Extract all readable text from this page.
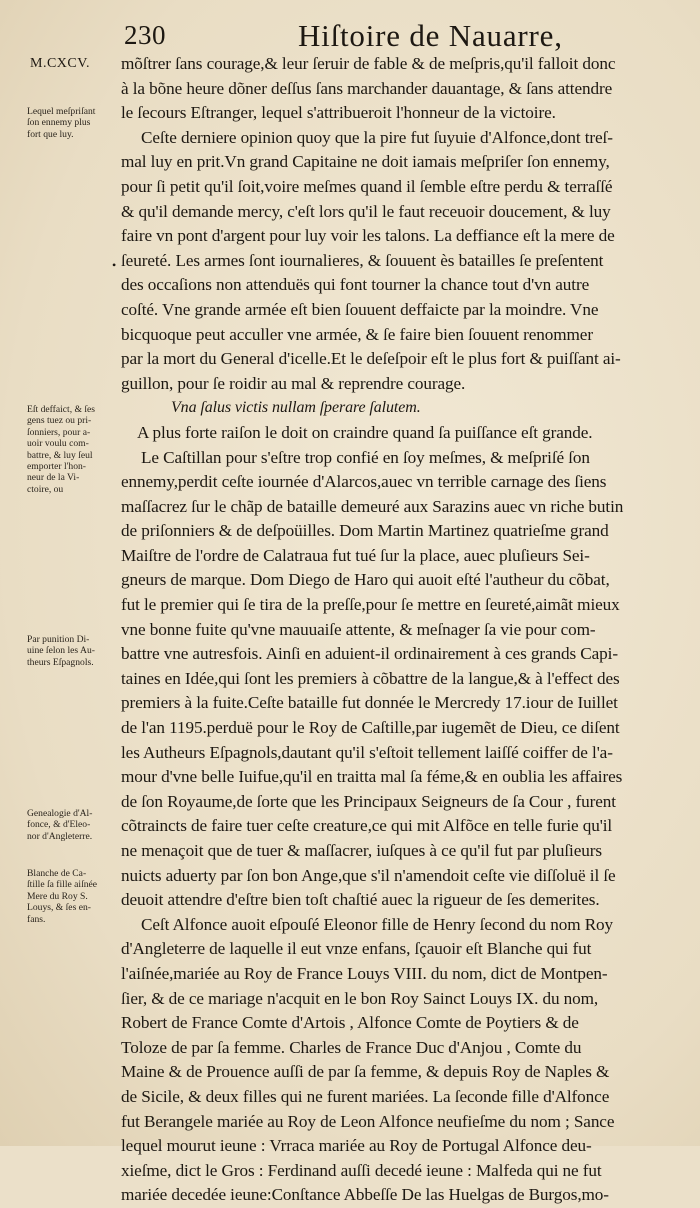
230	Hiſtoire de Nauarre,
M.CXCV.
Lequel meſpriſant
ſon ennemy plus
fort que luy.
Eſt deffaict, & ſes
gens tuez ou pri-
ſonniers, pour a-
uoir voulu com-
battre, & luy ſeul
emporter l'hon-
neur de la Vi-
ctoire, ou
Par punition Di-
uine ſelon les Au-
theurs Eſpagnols.
Genealogie d'Al-
fonce, & d'Eleo-
nor d'Angleterre.
Blanche de Ca-
ſtille ſa fille aiſnée
Mere du Roy S.
Louys, & ſes en-
fans.
•
mõſtrer ſans courage,& leur ſeruir de fable & de meſpris,qu'il falloit donc
à la bõne heure dõner deſſus ſans marchander dauantage, & ſans attendre
le ſecours Eſtranger, lequel s'attribueroit l'honneur de la victoire.
Ceſte derniere opinion quoy que la pire fut ſuyuie d'Alfonce,dont treſ-
mal luy en prit.Vn grand Capitaine ne doit iamais meſpriſer ſon ennemy,
pour ſi petit qu'il ſoit,voire meſmes quand il ſemble eſtre perdu & terraſſé
& qu'il demande mercy, c'eſt lors qu'il le faut receuoir doucement, & luy
faire vn pont d'argent pour luy voir les talons. La deffiance eſt la mere de
ſeureté. Les armes ſont iournalieres, & ſouuent ès batailles ſe preſentent
des occaſions non attenduës qui font tourner la chance tout d'vn autre
coſté. Vne grande armée eſt bien ſouuent deffaicte par la moindre. Vne
bicquoque peut acculler vne armée, & ſe faire bien ſouuent renommer
par la mort du General d'icelle.Et le deſeſpoir eſt le plus fort & puiſſant ai-
guillon, pour ſe roidir au mal & reprendre courage.
Vna ſalus victis nullam ſperare ſalutem.
A plus forte raiſon le doit on craindre quand ſa puiſſance eſt grande.
Le Caſtillan pour s'eſtre trop confié en ſoy meſmes, & meſpriſé ſon
ennemy,perdit ceſte iournée d'Alarcos,auec vn terrible carnage des ſiens
maſſacrez ſur le chãp de bataille demeuré aux Sarazins auec vn riche butin
de priſonniers & de deſpoüilles. Dom Martin Martinez quatrieſme grand
Maiſtre de l'ordre de Calatraua fut tué ſur la place, auec pluſieurs Sei-
gneurs de marque. Dom Diego de Haro qui auoit eſté l'autheur du cõbat,
fut le premier qui ſe tira de la preſſe,pour ſe mettre en ſeureté,aimãt mieux
vne bonne fuite qu'vne mauuaiſe attente, & meſnager ſa vie pour com-
battre vne autresfois. Ainſi en aduient-il ordinairement à ces grands Capi-
taines en Idée,qui ſont les premiers à cõbattre de la langue,& à l'effect des
premiers à la fuite.Ceſte bataille fut donnée le Mercredy 17.iour de Iuillet
de l'an 1195.perduë pour le Roy de Caſtille,par iugemẽt de Dieu, ce diſent
les Autheurs Eſpagnols,dautant qu'il s'eſtoit tellement laiſſé coiffer de l'a-
mour d'vne belle Iuifue,qu'il en traitta mal ſa féme,& en oublia les affaires
de ſon Royaume,de ſorte que les Principaux Seigneurs de ſa Cour , furent
cõtraincts de faire tuer ceſte creature,ce qui mit Alfõce en telle furie qu'il
ne menaçoit que de tuer & maſſacrer, iuſques à ce qu'il fut par pluſieurs
nuicts aduerty par ſon bon Ange,que s'il n'amendoit ceſte vie diſſoluë il ſe
deuoit attendre d'eſtre bien toſt chaſtié auec la rigueur de ſes demerites.
Ceſt Alfonce auoit eſpouſé Eleonor fille de Henry ſecond du nom Roy
d'Angleterre de laquelle il eut vnze enfans, ſçauoir eſt Blanche qui fut
l'aiſnée,mariée au Roy de France Louys VIII. du nom, dict de Montpen-
ſier, & de ce mariage n'acquit en le bon Roy Sainct Louys IX. du nom,
Robert de France Comte d'Artois , Alfonce Comte de Poytiers & de
Toloze de par ſa femme. Charles de France Duc d'Anjou , Comte du
Maine & de Prouence auſſi de par ſa femme, & depuis Roy de Naples &
de Sicile, & deux filles qui ne furent mariées. La ſeconde fille d'Alfonce
fut Berangele mariée au Roy de Leon Alfonce neufieſme du nom ; Sance
lequel mourut ieune : Vrraca mariée au Roy de Portugal Alfonce deu-
xieſme, dict le Gros : Ferdinand auſſi decedé ieune : Malfeda qui ne fut
mariée decedée ieune:Conſtance Abbeſſe De las Huelgas de Burgos,mo-
